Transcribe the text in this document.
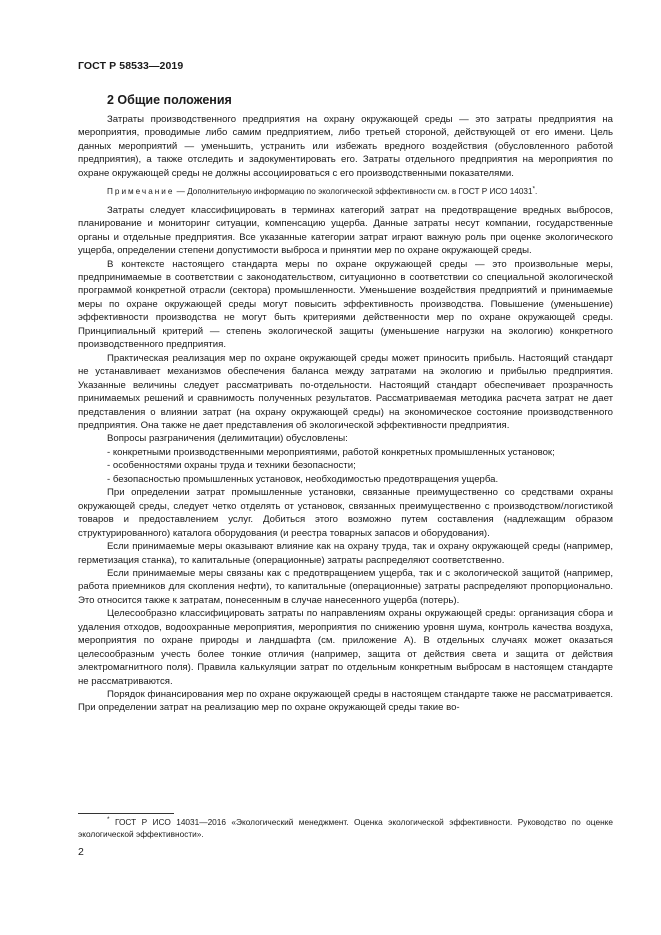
ГОСТ Р 58533—2019
2 Общие положения

Затраты производственного предприятия на охрану окружающей среды — это затраты предприятия на мероприятия, проводимые либо самим предприятием, либо третьей стороной, действующей от его имени. Цель данных мероприятий — уменьшить, устранить или избежать вредного воздействия (обусловленного работой предприятия), а также отследить и задокументировать его. Затраты отдельного предприятия на мероприятия по охране окружающей среды не должны ассоциироваться с его производственными показателями.

Примечание — Дополнительную информацию по экологической эффективности см. в ГОСТ Р ИСО 14031*.

Затраты следует классифицировать в терминах категорий затрат на предотвращение вредных выбросов, планирование и мониторинг ситуации, компенсацию ущерба. Данные затраты несут компании, государственные органы и отдельные предприятия. Все указанные категории затрат играют важную роль при оценке экологического ущерба, определении степени допустимости выброса и принятии мер по охране окружающей среды.

В контексте настоящего стандарта меры по охране окружающей среды — это произвольные меры, предпринимаемые в соответствии с законодательством, ситуационно в соответствии со специальной экологической программой конкретной отрасли (сектора) промышленности. Уменьшение воздействия предприятий и принимаемые меры по охране окружающей среды могут повысить эффективность производства. Повышение (уменьшение) эффективности производства не могут быть критериями действенности мер по охране окружающей среды. Принципиальный критерий — степень экологической защиты (уменьшение нагрузки на экологию) конкретного производственного предприятия.

Практическая реализация мер по охране окружающей среды может приносить прибыль. Настоящий стандарт не устанавливает механизмов обеспечения баланса между затратами на экологию и прибылью предприятия. Указанные величины следует рассматривать по-отдельности. Настоящий стандарт обеспечивает прозрачность принимаемых решений и сравнимость полученных результатов. Рассматриваемая методика расчета затрат не дает представления о влиянии затрат (на охрану окружающей среды) на экономическое состояние производственного предприятия. Она также не дает представления об экологической эффективности предприятия.

Вопросы разграничения (делимитации) обусловлены:

- конкретными производственными мероприятиями, работой конкретных промышленных установок;

- особенностями охраны труда и техники безопасности;

- безопасностью промышленных установок, необходимостью предотвращения ущерба.

При определении затрат промышленные установки, связанные преимущественно со средствами охраны окружающей среды, следует четко отделять от установок, связанных преимущественно с производством/логистикой товаров и предоставлением услуг. Добиться этого возможно путем составления (надлежащим образом структурированного) каталога оборудования (и реестра товарных запасов и оборудования).

Если принимаемые меры оказывают влияние как на охрану труда, так и охрану окружающей среды (например, герметизация станка), то капитальные (операционные) затраты распределяют соответственно.

Если принимаемые меры связаны как с предотвращением ущерба, так и с экологической защитой (например, работа приемников для скопления нефти), то капитальные (операционные) затраты распределяют пропорционально. Это относится также к затратам, понесенным в случае нанесенного ущерба (потерь).

Целесообразно классифицировать затраты по направлениям охраны окружающей среды: организация сбора и удаления отходов, водоохранные мероприятия, мероприятия по снижению уровня шума, контроль качества воздуха, мероприятия по охране природы и ландшафта (см. приложение А). В отдельных случаях может оказаться целесообразным учесть более тонкие отличия (например, защита от действия света и защита от действия электромагнитного поля). Правила калькуляции затрат по отдельным конкретным выбросам в настоящем стандарте не рассматриваются.

Порядок финансирования мер по охране окружающей среды в настоящем стандарте также не рассматривается. При определении затрат на реализацию мер по охране окружающей среды такие во-

* ГОСТ Р ИСО 14031—2016 «Экологический менеджмент. Оценка экологической эффективности. Руководство по оценке экологической эффективности».

2
